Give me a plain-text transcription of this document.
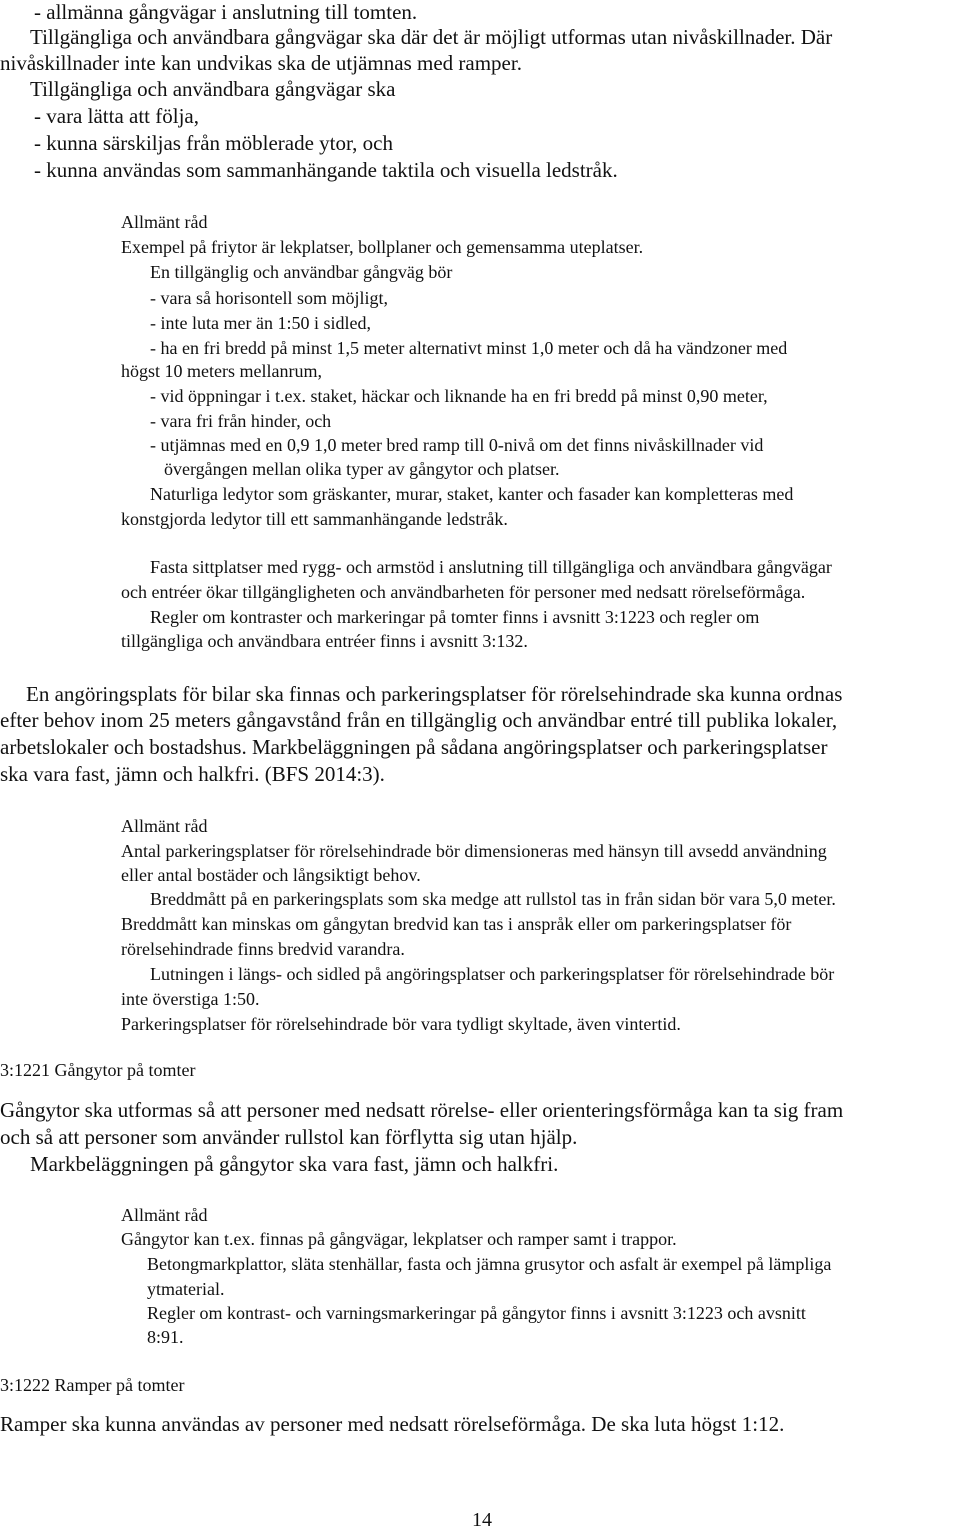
- allmänna gångvägar i anslutning till tomten.
Tillgängliga och användbara gångvägar ska där det är möjligt utformas utan nivåskillnader. Där
nivåskillnader inte kan undvikas ska de utjämnas med ramper.
Tillgängliga och användbara gångvägar ska
- vara lätta att följa,
- kunna särskiljas från möblerade ytor, och
- kunna användas som sammanhängande taktila och visuella ledstråk.
Allmänt råd
Exempel på friytor är lekplatser, bollplaner och gemensamma uteplatser.
En tillgänglig och användbar gångväg bör
- vara så horisontell som möjligt,
- inte luta mer än 1:50 i sidled,
- ha en fri bredd på minst 1,5 meter alternativt minst 1,0 meter och då ha vändzoner med
högst 10 meters mellanrum,
- vid öppningar i t.ex. staket, häckar och liknande ha en fri bredd på minst 0,90 meter,
- vara fri från hinder, och
- utjämnas med en 0,9 1,0 meter bred ramp till 0-nivå om det finns nivåskillnader vid
övergången mellan olika typer av gångytor och platser.
Naturliga ledytor som gräskanter, murar, staket, kanter och fasader kan kompletteras med
konstgjorda ledytor till ett sammanhängande ledstråk.
Fasta sittplatser med rygg- och armstöd i anslutning till tillgängliga och användbara gångvägar
och entréer ökar tillgängligheten och användbarheten för personer med nedsatt rörelseförmåga.
Regler om kontraster och markeringar på tomter finns i avsnitt 3:1223 och regler om
tillgängliga och användbara entréer finns i avsnitt 3:132.
En angöringsplats för bilar ska finnas och parkeringsplatser för rörelsehindrade ska kunna ordnas
efter behov inom 25 meters gångavstånd från en tillgänglig och användbar entré till publika lokaler,
arbetslokaler och bostadshus. Markbeläggningen på sådana angöringsplatser och parkeringsplatser
ska vara fast, jämn och halkfri. (BFS 2014:3).
Allmänt råd
Antal parkeringsplatser för rörelsehindrade bör dimensioneras med hänsyn till avsedd användning
eller antal bostäder och långsiktigt behov.
Breddmått på en parkeringsplats som ska medge att rullstol tas in från sidan bör vara 5,0 meter.
Breddmått kan minskas om gångytan bredvid kan tas i anspråk eller om parkeringsplatser för
rörelsehindrade finns bredvid varandra.
Lutningen i längs- och sidled på angöringsplatser och parkeringsplatser för rörelsehindrade bör
inte överstiga 1:50.
Parkeringsplatser för rörelsehindrade bör vara tydligt skyltade, även vintertid.
3:1221 Gångytor på tomter
Gångytor ska utformas så att personer med nedsatt rörelse- eller orienteringsförmåga kan ta sig fram
och så att personer som använder rullstol kan förflytta sig utan hjälp.
Markbeläggningen på gångytor ska vara fast, jämn och halkfri.
Allmänt råd
Gångytor kan t.ex. finnas på gångvägar, lekplatser och ramper samt i trappor.
Betongmarkplattor, släta stenhällar, fasta och jämna grusytor och asfalt är exempel på lämpliga
ytmaterial.
Regler om kontrast- och varningsmarkeringar på gångytor finns i avsnitt 3:1223 och avsnitt
8:91.
3:1222 Ramper på tomter
Ramper ska kunna användas av personer med nedsatt rörelseförmåga. De ska luta högst 1:12.
14
